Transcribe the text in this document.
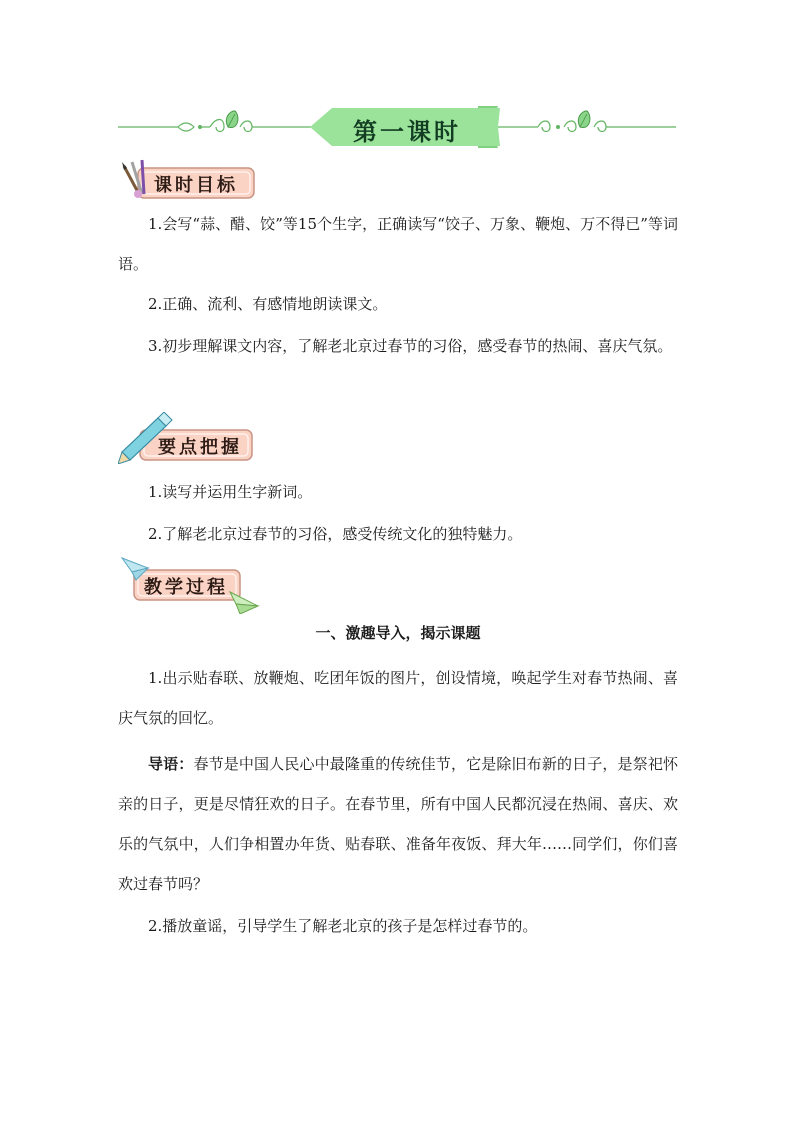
第一课时
课时目标
1.会写“蒜、醋、饺”等15个生字，正确读写“饺子、万象、鞭炮、万不得已”等词语。
2.正确、流利、有感情地朗读课文。
3.初步理解课文内容，了解老北京过春节的习俗，感受春节的热闹、喜庆气氛。
要点把握
1.读写并运用生字新词。
2.了解老北京过春节的习俗，感受传统文化的独特魅力。
教学过程
一、激趣导入，揭示课题
1.出示贴春联、放鞭炮、吃团年饭的图片，创设情境，唤起学生对春节热闹、喜庆气氛的回忆。
导语：春节是中国人民心中最隆重的传统佳节，它是除旧布新的日子，是祭祀怀亲的日子，更是尽情狂欢的日子。在春节里，所有中国人民都沉浸在热闹、喜庆、欢乐的气氛中，人们争相置办年货、贴春联、准备年夜饭、拜大年……同学们，你们喜欢过春节吗？
2.播放童谣，引导学生了解老北京的孩子是怎样过春节的。
